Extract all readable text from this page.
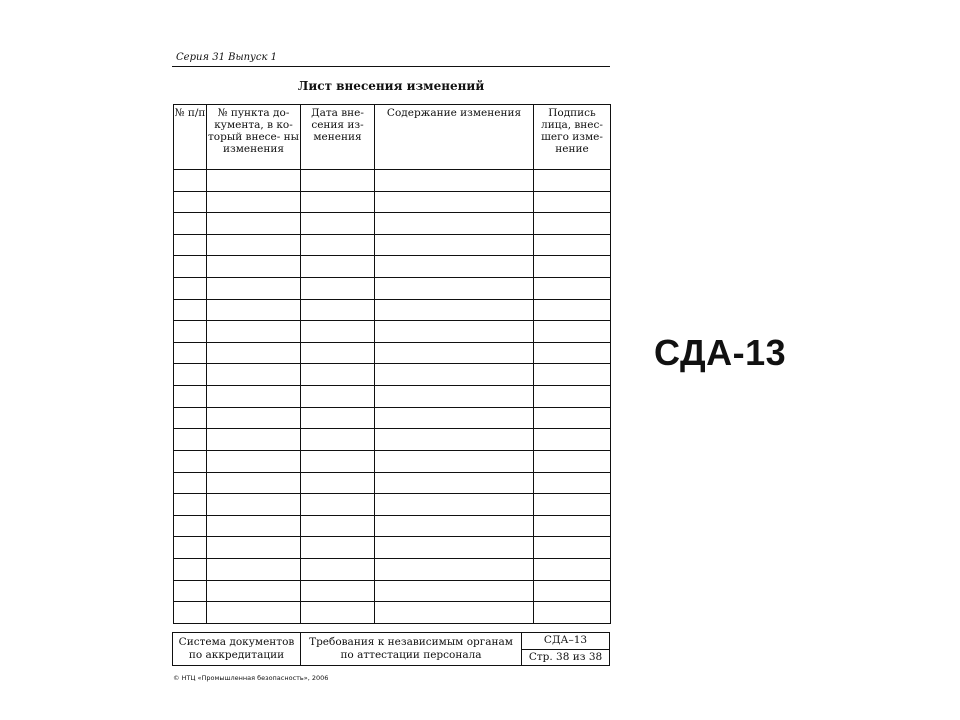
Серия 31 Выпуск 1
Лист внесения изменений
№ п/п	№ пункта до- кумента, в ко- торый внесе- ны изменения	Дата вне- сения из- менения	Содержание изменения	Подпись лица, внес- шего изме- нение

Система документов по аккредитации	Требования к независимым органам по аттестации персонала	СДА–13
Стр. 38 из 38
© НТЦ «Промышленная безопасность», 2006
СДА-13
